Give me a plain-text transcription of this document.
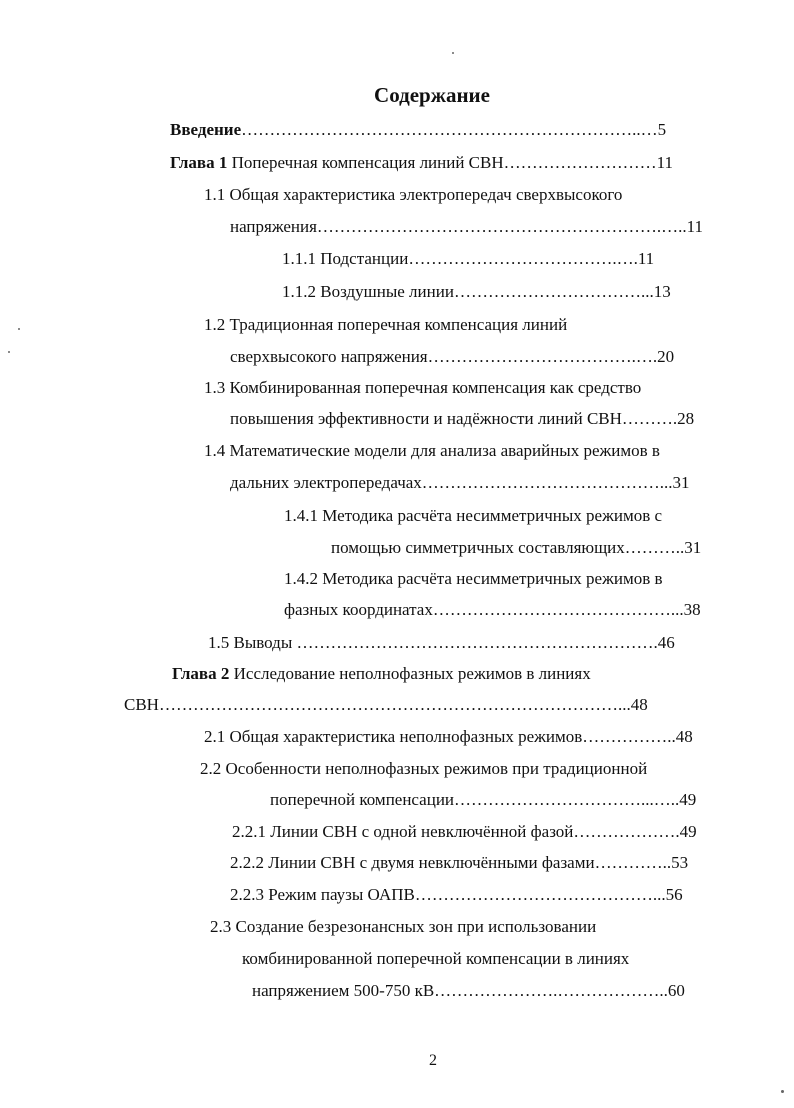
Содержание
Введение……………………………………………………………..…5
Глава 1 Поперечная компенсация линий СВН………………………11
1.1 Общая характеристика электропередач сверхвысокого
напряжения…………………………………………………….…..11
1.1.1 Подстанции……………………………….….11
1.1.2 Воздушные линии……………………………...13
1.2 Традиционная поперечная компенсация линий
сверхвысокого напряжения……………………………….….20
1.3 Комбинированная поперечная компенсация как средство
повышения эффективности и надёжности линий СВН……….28
1.4 Математические модели для анализа аварийных режимов в
дальних электропередачах……………………………………...31
1.4.1 Методика расчёта несимметричных режимов с
помощью симметричных составляющих………..31
1.4.2 Методика расчёта несимметричных режимов в
фазных координатах……………………………………...38
1.5 Выводы ……………………………………………………….46
Глава 2 Исследование неполнофазных режимов в линиях
СВН………………………………………………………………………...48
2.1 Общая характеристика неполнофазных режимов……………..48
2.2 Особенности неполнофазных режимов при традиционной
поперечной компенсации……………………………...…..49
2.2.1 Линии СВН с одной невключённой фазой……………….49
2.2.2 Линии СВН с двумя невключёнными фазами…………..53
2.2.3 Режим паузы ОАПВ……………………………………...56
2.3 Создание безрезонансных зон при использовании
комбинированной поперечной компенсации в линиях
напряжением 500-750 кВ………………….………………..60
2
